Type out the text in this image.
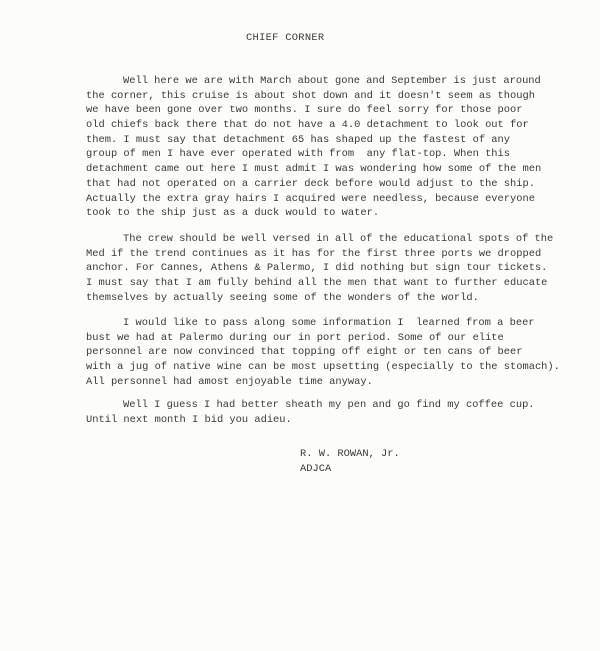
CHIEF CORNER
Well here we are with March about gone and September is just around
the corner, this cruise is about shot down and it doesn't seem as though
we have been gone over two months. I sure do feel sorry for those poor
old chiefs back there that do not have a 4.0 detachment to look out for
them. I must say that detachment 65 has shaped up the fastest of any
group of men I have ever operated with from  any flat-top. When this
detachment came out here I must admit I was wondering how some of the men
that had not operated on a carrier deck before would adjust to the ship.
Actually the extra gray hairs I acquired were needless, because everyone
took to the ship just as a duck would to water.
The crew should be well versed in all of the educational spots of the
Med if the trend continues as it has for the first three ports we dropped
anchor. For Cannes, Athens & Palermo, I did nothing but sign tour tickets.
I must say that I am fully behind all the men that want to further educate
themselves by actually seeing some of the wonders of the world.
I would like to pass along some information I  learned from a beer
bust we had at Palermo during our in port period. Some of our elite
personnel are now convinced that topping off eight or ten cans of beer
with a jug of native wine can be most upsetting (especially to the stomach).
All personnel had amost enjoyable time anyway.
Well I guess I had better sheath my pen and go find my coffee cup.
Until next month I bid you adieu.
R. W. ROWAN, Jr.
ADJCA
